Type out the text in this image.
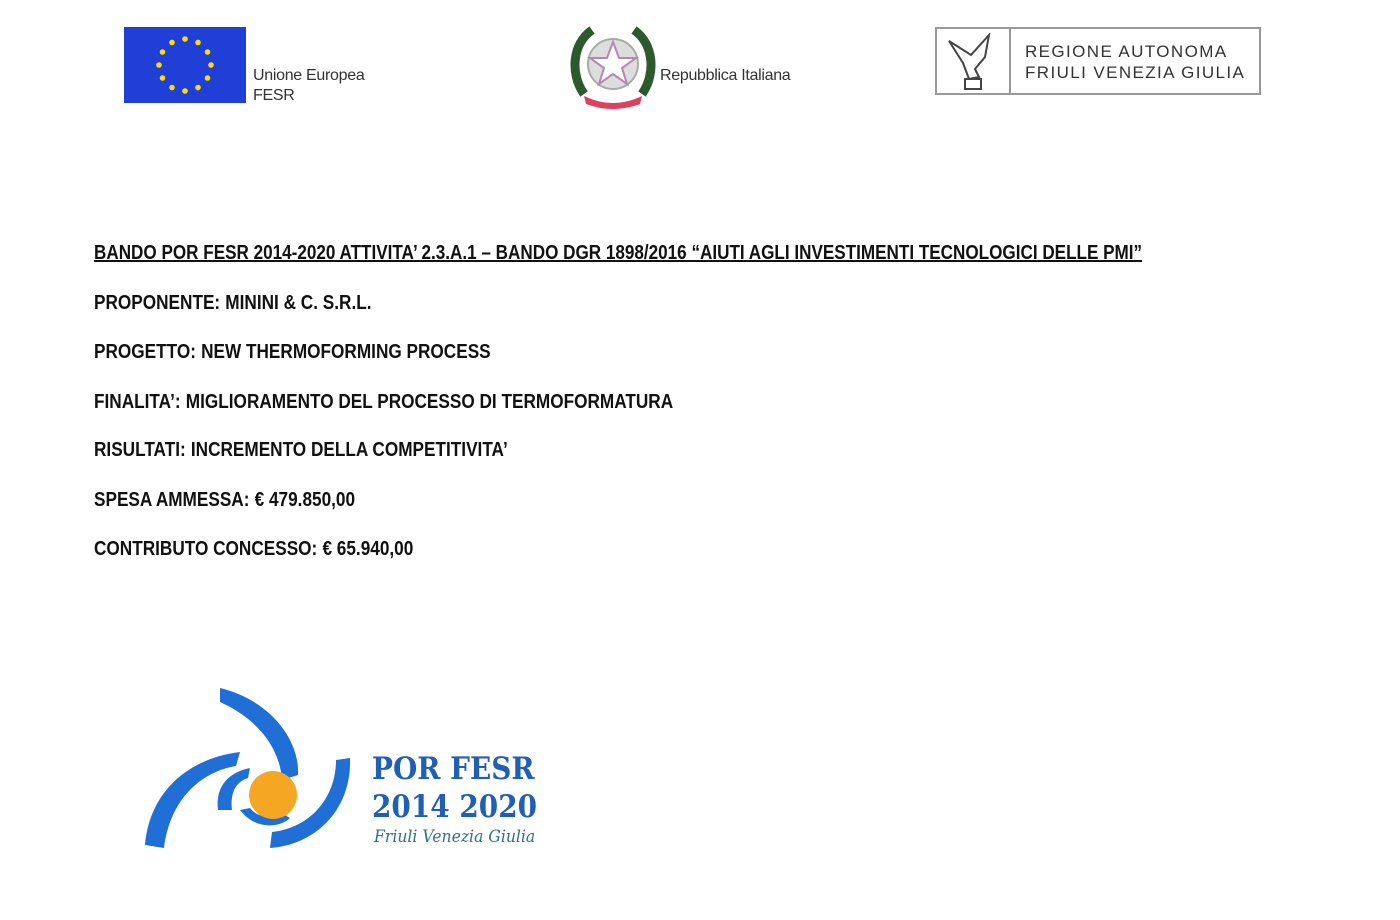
Unione Europea
FESR
Repubblica Italiana
REGIONE AUTONOMA
FRIULI VENEZIA GIULIA
BANDO POR FESR 2014-2020 ATTIVITA’ 2.3.A.1 – BANDO DGR 1898/2016 “AIUTI AGLI INVESTIMENTI TECNOLOGICI DELLE PMI”
PROPONENTE: MININI & C. S.R.L.
PROGETTO: NEW THERMOFORMING PROCESS
FINALITA’: MIGLIORAMENTO DEL PROCESSO DI TERMOFORMATURA
RISULTATI: INCREMENTO DELLA COMPETITIVITA’
SPESA AMMESSA: € 479.850,00
CONTRIBUTO CONCESSO: € 65.940,00
POR FESR
2014 2020
Friuli Venezia Giulia
